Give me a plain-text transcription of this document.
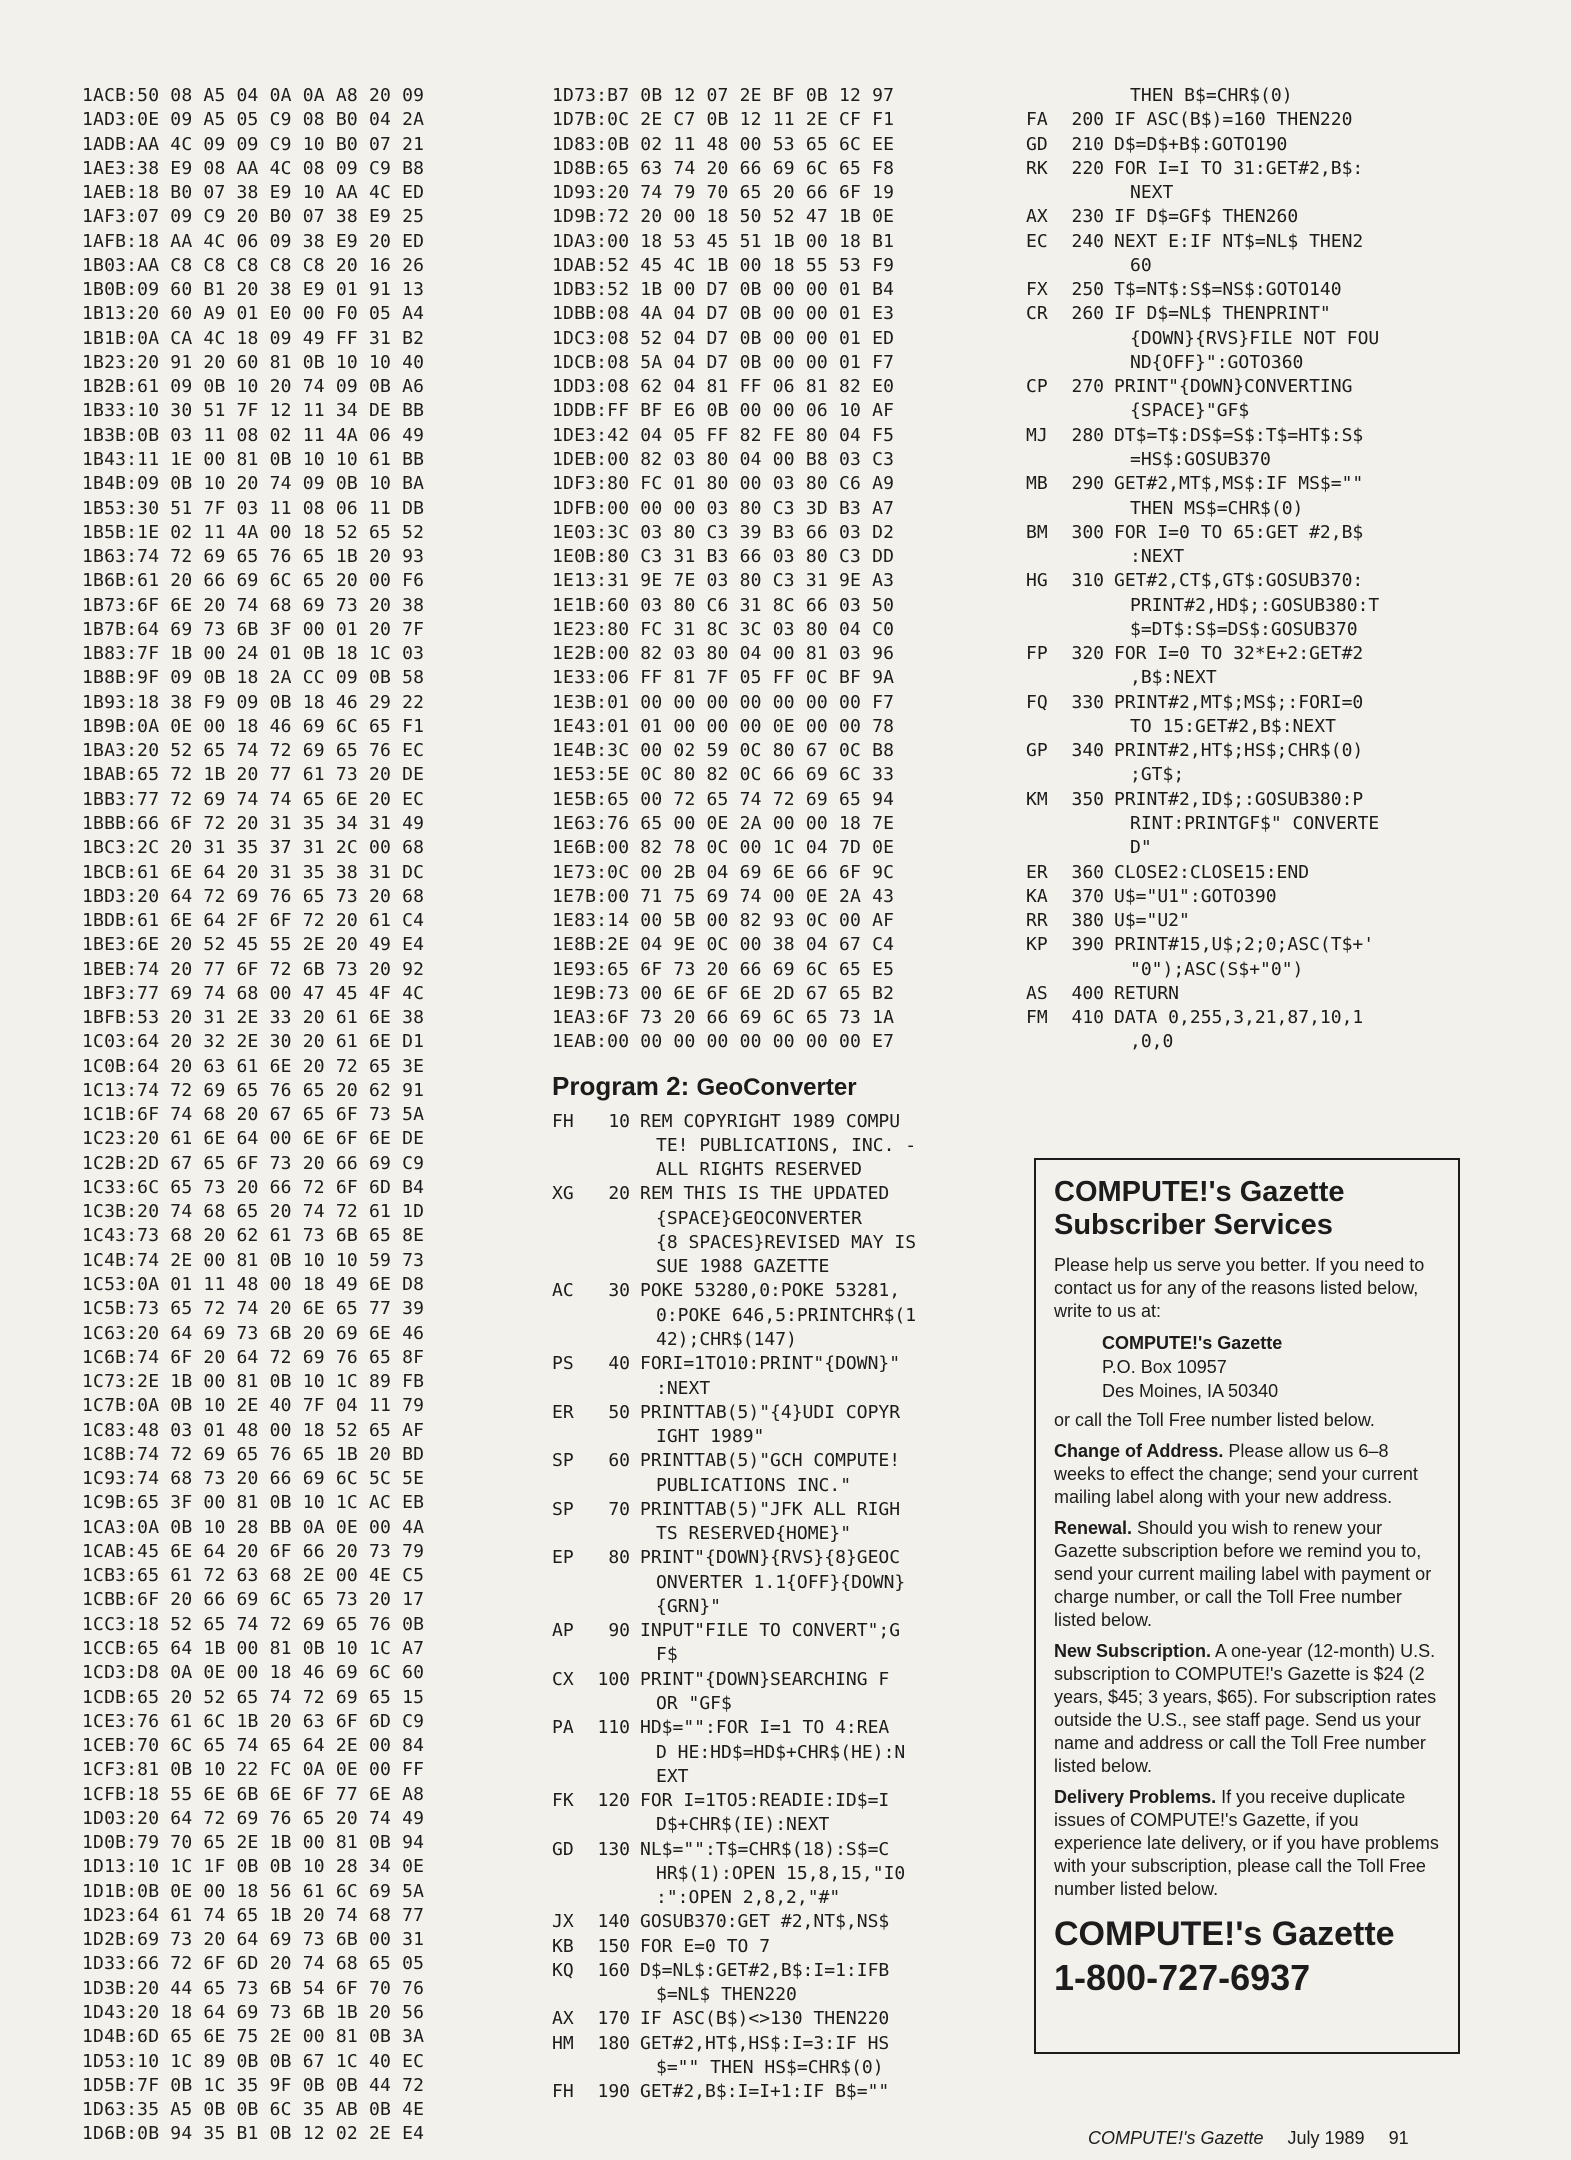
1ACB:50 08 A5 04 0A 0A A8 20 09
1AD3:0E 09 A5 05 C9 08 B0 04 2A
1ADB:AA 4C 09 09 C9 10 B0 07 21
1AE3:38 E9 08 AA 4C 08 09 C9 B8
1AEB:18 B0 07 38 E9 10 AA 4C ED
1AF3:07 09 C9 20 B0 07 38 E9 25
1AFB:18 AA 4C 06 09 38 E9 20 ED
1B03:AA C8 C8 C8 C8 C8 20 16 26
1B0B:09 60 B1 20 38 E9 01 91 13
1B13:20 60 A9 01 E0 00 F0 05 A4
1B1B:0A CA 4C 18 09 49 FF 31 B2
1B23:20 91 20 60 81 0B 10 10 40
1B2B:61 09 0B 10 20 74 09 0B A6
1B33:10 30 51 7F 12 11 34 DE BB
1B3B:0B 03 11 08 02 11 4A 06 49
1B43:11 1E 00 81 0B 10 10 61 BB
1B4B:09 0B 10 20 74 09 0B 10 BA
1B53:30 51 7F 03 11 08 06 11 DB
1B5B:1E 02 11 4A 00 18 52 65 52
1B63:74 72 69 65 76 65 1B 20 93
1B6B:61 20 66 69 6C 65 20 00 F6
1B73:6F 6E 20 74 68 69 73 20 38
1B7B:64 69 73 6B 3F 00 01 20 7F
1B83:7F 1B 00 24 01 0B 18 1C 03
1B8B:9F 09 0B 18 2A CC 09 0B 58
1B93:18 38 F9 09 0B 18 46 29 22
1B9B:0A 0E 00 18 46 69 6C 65 F1
1BA3:20 52 65 74 72 69 65 76 EC
1BAB:65 72 1B 20 77 61 73 20 DE
1BB3:77 72 69 74 74 65 6E 20 EC
1BBB:66 6F 72 20 31 35 34 31 49
1BC3:2C 20 31 35 37 31 2C 00 68
1BCB:61 6E 64 20 31 35 38 31 DC
1BD3:20 64 72 69 76 65 73 20 68
1BDB:61 6E 64 2F 6F 72 20 61 C4
1BE3:6E 20 52 45 55 2E 20 49 E4
1BEB:74 20 77 6F 72 6B 73 20 92
1BF3:77 69 74 68 00 47 45 4F 4C
1BFB:53 20 31 2E 33 20 61 6E 38
1C03:64 20 32 2E 30 20 61 6E D1
1C0B:64 20 63 61 6E 20 72 65 3E
1C13:74 72 69 65 76 65 20 62 91
1C1B:6F 74 68 20 67 65 6F 73 5A
1C23:20 61 6E 64 00 6E 6F 6E DE
1C2B:2D 67 65 6F 73 20 66 69 C9
1C33:6C 65 73 20 66 72 6F 6D B4
1C3B:20 74 68 65 20 74 72 61 1D
1C43:73 68 20 62 61 73 6B 65 8E
1C4B:74 2E 00 81 0B 10 10 59 73
1C53:0A 01 11 48 00 18 49 6E D8
1C5B:73 65 72 74 20 6E 65 77 39
1C63:20 64 69 73 6B 20 69 6E 46
1C6B:74 6F 20 64 72 69 76 65 8F
1C73:2E 1B 00 81 0B 10 1C 89 FB
1C7B:0A 0B 10 2E 40 7F 04 11 79
1C83:48 03 01 48 00 18 52 65 AF
1C8B:74 72 69 65 76 65 1B 20 BD
1C93:74 68 73 20 66 69 6C 5C 5E
1C9B:65 3F 00 81 0B 10 1C AC EB
1CA3:0A 0B 10 28 BB 0A 0E 00 4A
1CAB:45 6E 64 20 6F 66 20 73 79
1CB3:65 61 72 63 68 2E 00 4E C5
1CBB:6F 20 66 69 6C 65 73 20 17
1CC3:18 52 65 74 72 69 65 76 0B
1CCB:65 64 1B 00 81 0B 10 1C A7
1CD3:D8 0A 0E 00 18 46 69 6C 60
1CDB:65 20 52 65 74 72 69 65 15
1CE3:76 61 6C 1B 20 63 6F 6D C9
1CEB:70 6C 65 74 65 64 2E 00 84
1CF3:81 0B 10 22 FC 0A 0E 00 FF
1CFB:18 55 6E 6B 6E 6F 77 6E A8
1D03:20 64 72 69 76 65 20 74 49
1D0B:79 70 65 2E 1B 00 81 0B 94
1D13:10 1C 1F 0B 0B 10 28 34 0E
1D1B:0B 0E 00 18 56 61 6C 69 5A
1D23:64 61 74 65 1B 20 74 68 77
1D2B:69 73 20 64 69 73 6B 00 31
1D33:66 72 6F 6D 20 74 68 65 05
1D3B:20 44 65 73 6B 54 6F 70 76
1D43:20 18 64 69 73 6B 1B 20 56
1D4B:6D 65 6E 75 2E 00 81 0B 3A
1D53:10 1C 89 0B 0B 67 1C 40 EC
1D5B:7F 0B 1C 35 9F 0B 0B 44 72
1D63:35 A5 0B 0B 6C 35 AB 0B 4E
1D6B:0B 94 35 B1 0B 12 02 2E E4
1D73:B7 0B 12 07 2E BF 0B 12 97
1D7B:0C 2E C7 0B 12 11 2E CF F1
1D83:0B 02 11 48 00 53 65 6C EE
1D8B:65 63 74 20 66 69 6C 65 F8
1D93:20 74 79 70 65 20 66 6F 19
1D9B:72 20 00 18 50 52 47 1B 0E
1DA3:00 18 53 45 51 1B 00 18 B1
1DAB:52 45 4C 1B 00 18 55 53 F9
1DB3:52 1B 00 D7 0B 00 00 01 B4
1DBB:08 4A 04 D7 0B 00 00 01 E3
1DC3:08 52 04 D7 0B 00 00 01 ED
1DCB:08 5A 04 D7 0B 00 00 01 F7
1DD3:08 62 04 81 FF 06 81 82 E0
1DDB:FF BF E6 0B 00 00 06 10 AF
1DE3:42 04 05 FF 82 FE 80 04 F5
1DEB:00 82 03 80 04 00 B8 03 C3
1DF3:80 FC 01 80 00 03 80 C6 A9
1DFB:00 00 00 03 80 C3 3D B3 A7
1E03:3C 03 80 C3 39 B3 66 03 D2
1E0B:80 C3 31 B3 66 03 80 C3 DD
1E13:31 9E 7E 03 80 C3 31 9E A3
1E1B:60 03 80 C6 31 8C 66 03 50
1E23:80 FC 31 8C 3C 03 80 04 C0
1E2B:00 82 03 80 04 00 81 03 96
1E33:06 FF 81 7F 05 FF 0C BF 9A
1E3B:01 00 00 00 00 00 00 00 F7
1E43:01 01 00 00 00 0E 00 00 78
1E4B:3C 00 02 59 0C 80 67 0C B8
1E53:5E 0C 80 82 0C 66 69 6C 33
1E5B:65 00 72 65 74 72 69 65 94
1E63:76 65 00 0E 2A 00 00 18 7E
1E6B:00 82 78 0C 00 1C 04 7D 0E
1E73:0C 00 2B 04 69 6E 66 6F 9C
1E7B:00 71 75 69 74 00 0E 2A 43
1E83:14 00 5B 00 82 93 0C 00 AF
1E8B:2E 04 9E 0C 00 38 04 67 C4
1E93:65 6F 73 20 66 69 6C 65 E5
1E9B:73 00 6E 6F 6E 2D 67 65 B2
1EA3:6F 73 20 66 69 6C 65 73 1A
1EAB:00 00 00 00 00 00 00 00 E7
Program 2: GeoConverter
FH	10 REM COPYRIGHT 1989 COMPU
TE! PUBLICATIONS, INC. -
ALL RIGHTS RESERVED
XG	20 REM THIS IS THE UPDATED
{SPACE}GEOCONVERTER
{8 SPACES}REVISED MAY IS
SUE 1988 GAZETTE
AC	30 POKE 53280,0:POKE 53281,
0:POKE 646,5:PRINTCHR$(1
42);CHR$(147)
PS	40 FORI=1TO10:PRINT"{DOWN}"
:NEXT
ER	50 PRINTTAB(5)"{4}UDI COPYR
IGHT 1989"
SP	60 PRINTTAB(5)"GCH COMPUTE!
PUBLICATIONS INC."
SP	70 PRINTTAB(5)"JFK ALL RIGH
TS RESERVED{HOME}"
EP	80 PRINT"{DOWN}{RVS}{8}GEOC
ONVERTER 1.1{OFF}{DOWN}
{GRN}"
AP	90 INPUT"FILE TO CONVERT";G
F$
CX	100 PRINT"{DOWN}SEARCHING F
OR "GF$
PA	110 HD$="":FOR I=1 TO 4:REA
D HE:HD$=HD$+CHR$(HE):N
EXT
FK	120 FOR I=1TO5:READIE:ID$=I
D$+CHR$(IE):NEXT
GD	130 NL$="":T$=CHR$(18):S$=C
HR$(1):OPEN 15,8,15,"I0
:":OPEN 2,8,2,"#"
JX	140 GOSUB370:GET #2,NT$,NS$
KB	150 FOR E=0 TO 7
KQ	160 D$=NL$:GET#2,B$:I=1:IFB
$=NL$ THEN220
AX	170 IF ASC(B$)<>130 THEN220
HM	180 GET#2,HT$,HS$:I=3:IF HS
$="" THEN HS$=CHR$(0)
FH	190 GET#2,B$:I=I+1:IF B$=""
THEN B$=CHR$(0)
FA	200 IF ASC(B$)=160 THEN220
GD	210 D$=D$+B$:GOTO190
RK	220 FOR I=I TO 31:GET#2,B$:
NEXT
AX	230 IF D$=GF$ THEN260
EC	240 NEXT E:IF NT$=NL$ THEN2
60
FX	250 T$=NT$:S$=NS$:GOTO140
CR	260 IF D$=NL$ THENPRINT"
{DOWN}{RVS}FILE NOT FOU
ND{OFF}":GOTO360
CP	270 PRINT"{DOWN}CONVERTING
{SPACE}"GF$
MJ	280 DT$=T$:DS$=S$:T$=HT$:S$
=HS$:GOSUB370
MB	290 GET#2,MT$,MS$:IF MS$=""
THEN MS$=CHR$(0)
BM	300 FOR I=0 TO 65:GET #2,B$
:NEXT
HG	310 GET#2,CT$,GT$:GOSUB370:
PRINT#2,HD$;:GOSUB380:T
$=DT$:S$=DS$:GOSUB370
FP	320 FOR I=0 TO 32*E+2:GET#2
,B$:NEXT
FQ	330 PRINT#2,MT$;MS$;:FORI=0
TO 15:GET#2,B$:NEXT
GP	340 PRINT#2,HT$;HS$;CHR$(0)
;GT$;
KM	350 PRINT#2,ID$;:GOSUB380:P
RINT:PRINTGF$" CONVERTE
D"
ER	360 CLOSE2:CLOSE15:END
KA	370 U$="U1":GOTO390
RR	380 U$="U2"
KP	390 PRINT#15,U$;2;0;ASC(T$+'
"0");ASC(S$+"0")
AS	400 RETURN
FM	410 DATA 0,255,3,21,87,10,1
,0,0
COMPUTE!'s Gazette
Subscriber Services

Please help us serve you better. If you need to contact us for any of the reasons listed below, write to us at:

COMPUTE!'s Gazette
P.O. Box 10957
Des Moines, IA 50340

or call the Toll Free number listed below.

Change of Address. Please allow us 6–8 weeks to effect the change; send your current mailing label along with your new address.

Renewal. Should you wish to renew your Gazette subscription before we remind you to, send your current mailing label with payment or charge number, or call the Toll Free number listed below.

New Subscription. A one-year (12-month) U.S. subscription to COMPUTE!'s Gazette is $24 (2 years, $45; 3 years, $65). For subscription rates outside the U.S., see staff page. Send us your name and address or call the Toll Free number listed below.

Delivery Problems. If you receive duplicate issues of COMPUTE!'s Gazette, if you experience late delivery, or if you have problems with your subscription, please call the Toll Free number listed below.

COMPUTE!'s Gazette
1-800-727-6937
COMPUTE!'s Gazette July 1989 91
